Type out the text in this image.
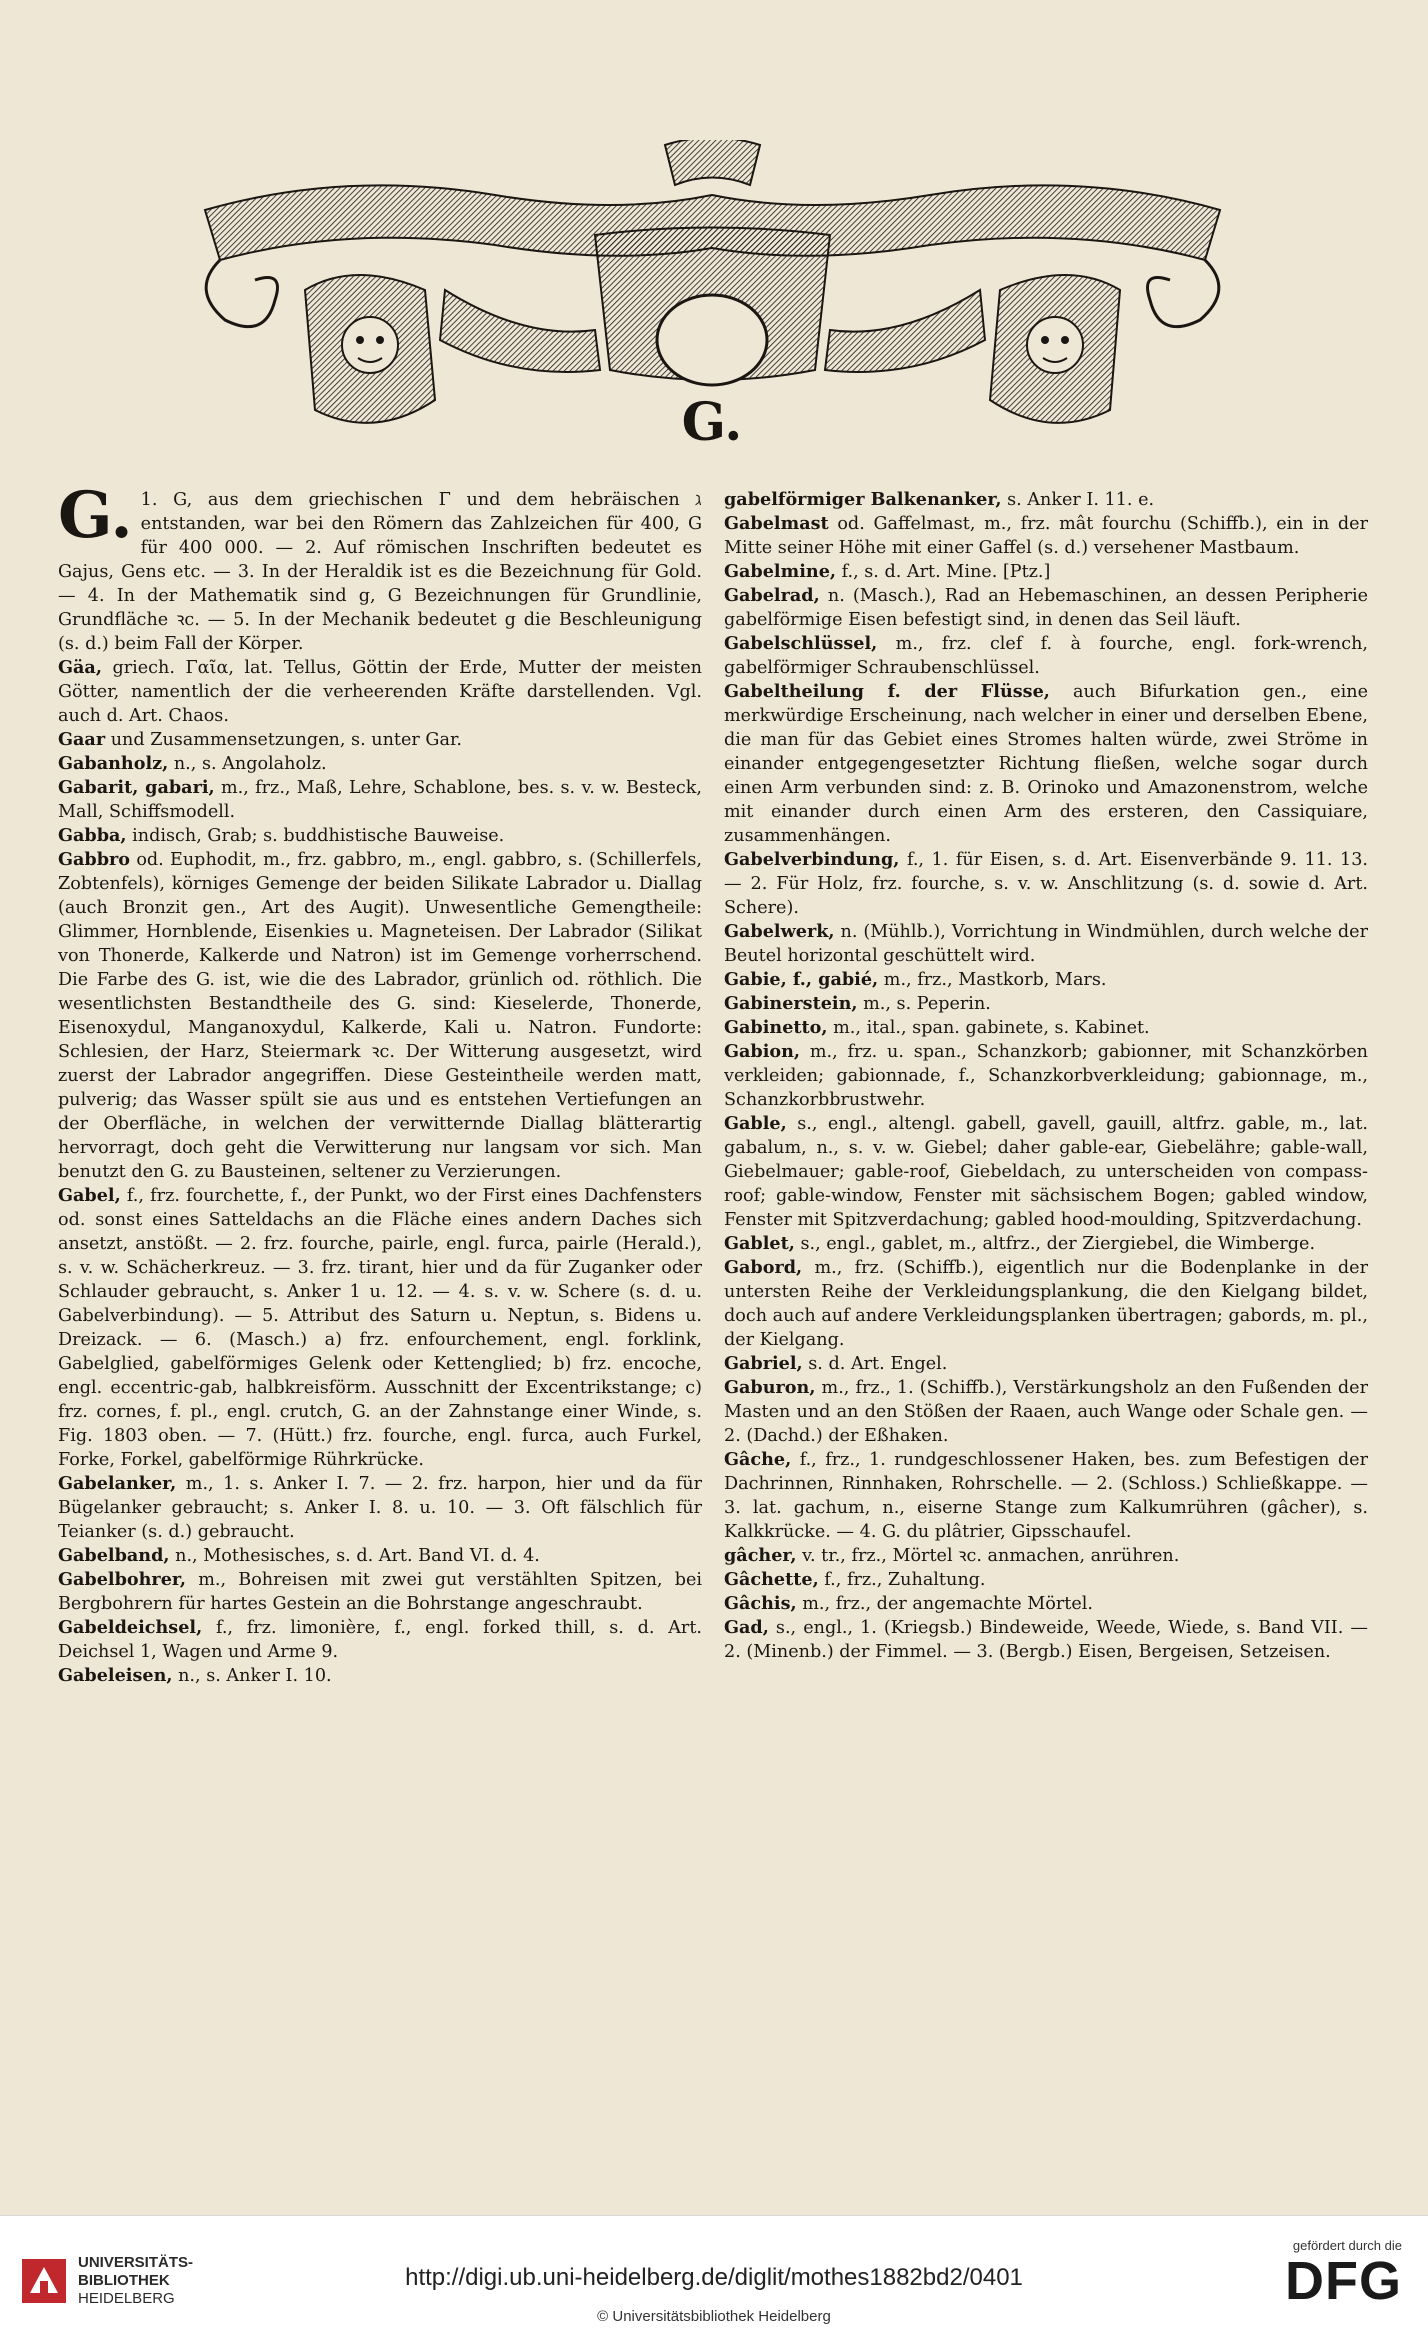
G.

G. 1. G, aus dem griechischen Γ und dem hebräischen ℷ entstanden, war bei den Römern das Zahlzeichen für 400, G für 400 000. — 2. Auf römischen Inschriften bedeutet es Gajus, Gens etc. — 3. In der Heraldik ist es die Bezeichnung für Gold. — 4. In der Mathematik sind g, G Bezeichnungen für Grundlinie, Grundfläche ꝛc. — 5. In der Mechanik bedeutet g die Beschleunigung (s. d.) beim Fall der Körper.

Gäa, griech. Γαῖα, lat. Tellus, Göttin der Erde, Mutter der meisten Götter, namentlich der die verheerenden Kräfte darstellenden. Vgl. auch d. Art. Chaos.

Gaar und Zusammensetzungen, s. unter Gar.

Gabanholz, n., s. Angolaholz.

Gabarit, gabari, m., frz., Maß, Lehre, Schablone, bes. s. v. w. Besteck, Mall, Schiffsmodell.

Gabba, indisch, Grab; s. buddhistische Bauweise.

Gabbro od. Euphodit, m., frz. gabbro, m., engl. gabbro, s. (Schillerfels, Zobtenfels), körniges Gemenge der beiden Silikate Labrador u. Diallag (auch Bronzit gen., Art des Augit). Unwesentliche Gemengtheile: Glimmer, Hornblende, Eisenkies u. Magneteisen. Der Labrador (Silikat von Thonerde, Kalkerde und Natron) ist im Gemenge vorherrschend. Die Farbe des G. ist, wie die des Labrador, grünlich od. röthlich. Die wesentlichsten Bestandtheile des G. sind: Kieselerde, Thonerde, Eisenoxydul, Manganoxydul, Kalkerde, Kali u. Natron. Fundorte: Schlesien, der Harz, Steiermark ꝛc. Der Witterung ausgesetzt, wird zuerst der Labrador angegriffen. Diese Gesteintheile werden matt, pulverig; das Wasser spült sie aus und es entstehen Vertiefungen an der Oberfläche, in welchen der verwitternde Diallag blätterartig hervorragt, doch geht die Verwitterung nur langsam vor sich. Man benutzt den G. zu Bausteinen, seltener zu Verzierungen.

Gabel, f., frz. fourchette, f., der Punkt, wo der First eines Dachfensters od. sonst eines Satteldachs an die Fläche eines andern Daches sich ansetzt, anstößt. — 2. frz. fourche, pairle, engl. furca, pairle (Herald.), s. v. w. Schächerkreuz. — 3. frz. tirant, hier und da für Zuganker oder Schlauder gebraucht, s. Anker 1 u. 12. — 4. s. v. w. Schere (s. d. u. Gabelverbindung). — 5. Attribut des Saturn u. Neptun, s. Bidens u. Dreizack. — 6. (Masch.) a) frz. enfourchement, engl. forklink, Gabelglied, gabelförmiges Gelenk oder Kettenglied; b) frz. encoche, engl. eccentric-gab, halbkreisförm. Ausschnitt der Excentrikstange; c) frz. cornes, f. pl., engl. crutch, G. an der Zahnstange einer Winde, s. Fig. 1803 oben. — 7. (Hütt.) frz. fourche, engl. furca, auch Furkel, Forke, Forkel, gabelförmige Rührkrücke.

Gabelanker, m., 1. s. Anker I. 7. — 2. frz. harpon, hier und da für Bügelanker gebraucht; s. Anker I. 8. u. 10. — 3. Oft fälschlich für Teianker (s. d.) gebraucht.

Gabelband, n., Mothesisches, s. d. Art. Band VI. d. 4.

Gabelbohrer, m., Bohreisen mit zwei gut verstählten Spitzen, bei Bergbohrern für hartes Gestein an die Bohrstange angeschraubt.

Gabeldeichsel, f., frz. limonière, f., engl. forked thill, s. d. Art. Deichsel 1, Wagen und Arme 9.

Gabeleisen, n., s. Anker I. 10.

gabelförmiger Balkenanker, s. Anker I. 11. e.

Gabelmast od. Gaffelmast, m., frz. mât fourchu (Schiffb.), ein in der Mitte seiner Höhe mit einer Gaffel (s. d.) versehener Mastbaum.

Gabelmine, f., s. d. Art. Mine. [Ptz.]

Gabelrad, n. (Masch.), Rad an Hebemaschinen, an dessen Peripherie gabelförmige Eisen befestigt sind, in denen das Seil läuft.

Gabelschlüssel, m., frz. clef f. à fourche, engl. fork-wrench, gabelförmiger Schraubenschlüssel.

Gabeltheilung f. der Flüsse, auch Bifurkation gen., eine merkwürdige Erscheinung, nach welcher in einer und derselben Ebene, die man für das Gebiet eines Stromes halten würde, zwei Ströme in einander entgegengesetzter Richtung fließen, welche sogar durch einen Arm verbunden sind: z. B. Orinoko und Amazonenstrom, welche mit einander durch einen Arm des ersteren, den Cassiquiare, zusammenhängen.

Gabelverbindung, f., 1. für Eisen, s. d. Art. Eisenverbände 9. 11. 13. — 2. Für Holz, frz. fourche, s. v. w. Anschlitzung (s. d. sowie d. Art. Schere).

Gabelwerk, n. (Mühlb.), Vorrichtung in Windmühlen, durch welche der Beutel horizontal geschüttelt wird.

Gabie, f., gabié, m., frz., Mastkorb, Mars.

Gabinerstein, m., s. Peperin.

Gabinetto, m., ital., span. gabinete, s. Kabinet.

Gabion, m., frz. u. span., Schanzkorb; gabionner, mit Schanzkörben verkleiden; gabionnade, f., Schanzkorbverkleidung; gabionnage, m., Schanzkorbbrustwehr.

Gable, s., engl., altengl. gabell, gavell, gauill, altfrz. gable, m., lat. gabalum, n., s. v. w. Giebel; daher gable-ear, Giebelähre; gable-wall, Giebelmauer; gable-roof, Giebeldach, zu unterscheiden von compass-roof; gable-window, Fenster mit sächsischem Bogen; gabled window, Fenster mit Spitzverdachung; gabled hood-moulding, Spitzverdachung.

Gablet, s., engl., gablet, m., altfrz., der Ziergiebel, die Wimberge.

Gabord, m., frz. (Schiffb.), eigentlich nur die Bodenplanke in der untersten Reihe der Verkleidungsplankung, die den Kielgang bildet, doch auch auf andere Verkleidungsplanken übertragen; gabords, m. pl., der Kielgang.

Gabriel, s. d. Art. Engel.

Gaburon, m., frz., 1. (Schiffb.), Verstärkungsholz an den Fußenden der Masten und an den Stößen der Raaen, auch Wange oder Schale gen. — 2. (Dachd.) der Eßhaken.

Gâche, f., frz., 1. rundgeschlossener Haken, bes. zum Befestigen der Dachrinnen, Rinnhaken, Rohrschelle. — 2. (Schloss.) Schließkappe. — 3. lat. gachum, n., eiserne Stange zum Kalkumrühren (gâcher), s. Kalkkrücke. — 4. G. du plâtrier, Gipsschaufel.

gâcher, v. tr., frz., Mörtel ꝛc. anmachen, anrühren.

Gâchette, f., frz., Zuhaltung.

Gâchis, m., frz., der angemachte Mörtel.

Gad, s., engl., 1. (Kriegsb.) Bindeweide, Weede, Wiede, s. Band VII. — 2. (Minenb.) der Fimmel. — 3. (Bergb.) Eisen, Bergeisen, Setzeisen.

UNIVERSITÄTS-
BIBLIOTHEK
HEIDELBERG
http://digi.ub.uni-heidelberg.de/diglit/mothes1882bd2/0401
© Universitätsbibliothek Heidelberg
gefördert durch die
DFG
